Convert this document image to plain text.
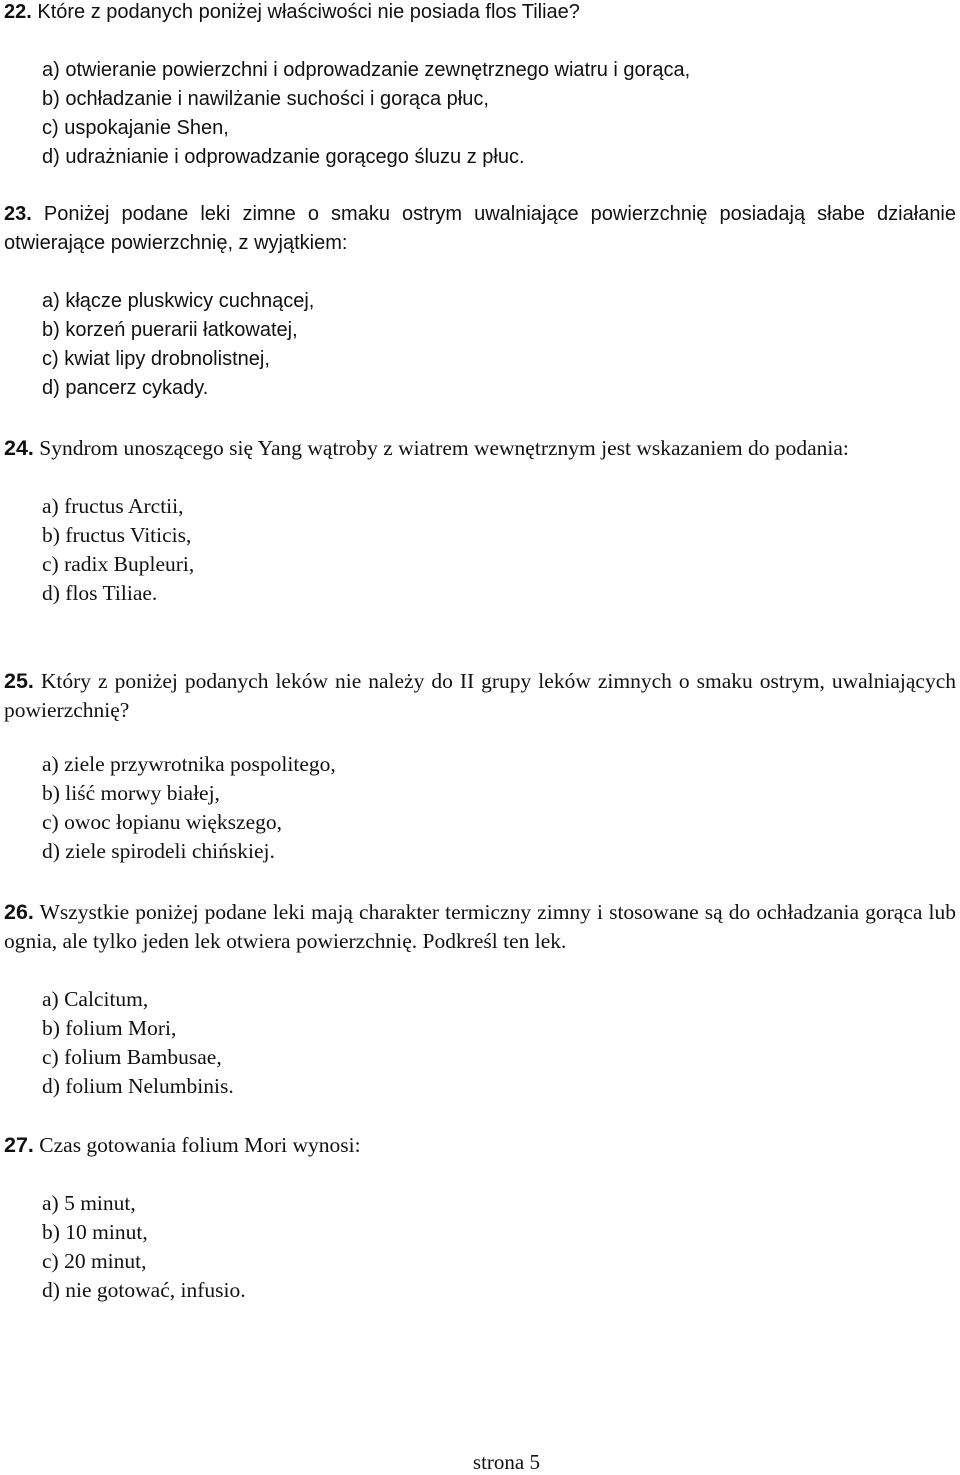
22. Które z podanych poniżej właściwości nie posiada flos Tiliae?

a) otwieranie powierzchni i odprowadzanie zewnętrznego wiatru i gorąca,
b) ochładzanie i nawilżanie suchości i gorąca płuc,
c) uspokajanie Shen,
d) udrażnianie i odprowadzanie gorącego śluzu z płuc.

23. Poniżej podane leki zimne o smaku ostrym uwalniające powierzchnię posiadają słabe działanie otwierające powierzchnię, z wyjątkiem:

a) kłącze pluskwicy cuchnącej,
b) korzeń puerarii łatkowatej,
c) kwiat lipy drobnolistnej,
d) pancerz cykady.

24. Syndrom unoszącego się Yang wątroby z wiatrem wewnętrznym jest wskazaniem do podania:

a) fructus Arctii,
b) fructus Viticis,
c) radix Bupleuri,
d) flos Tiliae.

25. Który z poniżej podanych leków nie należy do II grupy leków zimnych o smaku ostrym, uwalniających powierzchnię?

a) ziele przywrotnika pospolitego,
b) liść morwy białej,
c) owoc łopianu większego,
d) ziele spirodeli chińskiej.

26. Wszystkie poniżej podane leki mają charakter termiczny zimny i stosowane są do ochładzania gorąca lub ognia, ale tylko jeden lek otwiera powierzchnię. Podkreśl ten lek.

a) Calcitum,
b) folium Mori,
c) folium Bambusae,
d) folium Nelumbinis.

27. Czas gotowania folium Mori wynosi:

a) 5 minut,
b) 10 minut,
c) 20 minut,
d) nie gotować, infusio.

strona 5
